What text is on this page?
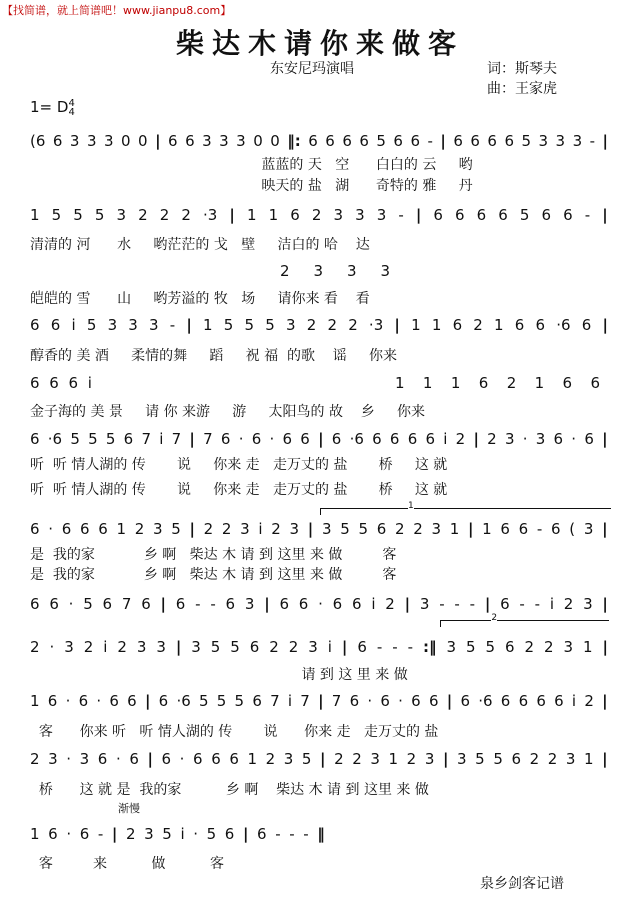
【找简谱，就上简谱吧！www.jianpu8.com】
柴达木请你来做客
东安尼玛演唱	词：斯琴夫
曲：王家虎
1= D4
4
(6 6 3 3 3 0 0 | 6 6 3 3 3 0 0 ‖: 6 6 6 6 5 6 6 - | 6 6 6 6 5 3 3 3 - |
蓝蓝的 天   空      白白的 云     哟
映天的 盐   湖      奇特的 雅     丹
1 5 5 5 3 2 2 2 ·3 | 1 1 6 2 3 3 3 - | 6 6 6 6 5 6 6 - |
清清的 河      水     哟茫茫的 戈   壁     洁白的 哈    达
2 3 3 3
皑皑的 雪      山     哟芳溢的 牧   场     请你来 看    看
6 6 i 5 3 3 3 - | 1 5 5 5 3 2 2 2 ·3 | 1 1 6 2 1 6 6 ·6 6 |
醇香的 美 酒     柔情的舞     蹈     祝 福  的歌    谣     你来
6 6 6 i	1 1 1 6 2 1 6 6
金子海的 美 景     请 你 来游     游     太阳鸟的 故    乡     你来
6 ·6 5 5 5 6 7 i 7 | 7 6 · 6 · 6 6 | 6 ·6 6 6 6 6 i 2 | 2 3 · 3 6 · 6 |
听  听 情人湖的 传       说     你来 走   走万丈的 盐       桥     这 就
听  听 情人湖的 传       说     你来 走   走万丈的 盐       桥     这 就
6 · 6 6 6 1 2 3 5 | 2 2 3 i 2 3 | 3 5 5 6 2 2 3 1 | 1 6 6 - 6 ( 3 |
是  我的家           乡 啊   柴达 木 请 到 这里 来 做         客
是  我的家           乡 啊   柴达 木 请 到 这里 来 做         客
1
6 6 · 5 6 7 6 | 6 - - 6 3 | 6 6 · 6 6 i 2 | 3 - - - | 6 - - i 2 3 |
2 · 3 2 i 2 3 3 | 3 5 5 6 2 2 3 i | 6 - - - :‖ 3 5 5 6 2 2 3 1 |
请 到 这 里 来 做
2
1 6 · 6 · 6 6 | 6 ·6 5 5 5 6 7 i 7 | 7 6 · 6 · 6 6 | 6 ·6 6 6 6 6 i 2 |
客      你来 听   听 情人湖的 传       说      你来 走   走万丈的 盐
2 3 · 3 6 · 6 | 6 · 6 6 6 1 2 3 5 | 2 2 3 1 2 3 | 3 5 5 6 2 2 3 1 |
桥      这 就 是  我的家          乡 啊    柴达 木 请 到 这里 来 做
1 6 · 6 - | 2 3 5 i · 5 6 | 6 - - - ‖
客         来          做          客
渐慢
泉乡剑客记谱
